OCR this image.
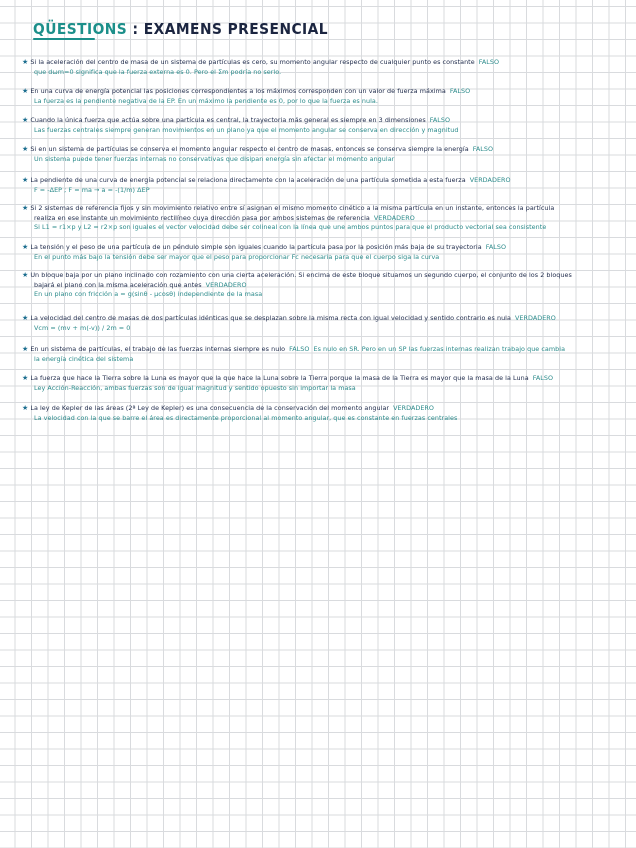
QÜESTIONS : EXAMENS PRESENCIAL
★ Si la aceleración del centro de masa de un sistema de partículas es cero, su momento angular respecto de cualquier punto es constante FALSO
que dωm=0 significa que la fuerza externa es 0. Pero el Σm podría no serlo.
★ En una curva de energía potencial las posiciones correspondientes a los máximos corresponden con un valor de fuerza máxima FALSO
La fuerza es la pendiente negativa de la EP. En un máximo la pendiente es 0, por lo que la fuerza es nula.
★ Cuando la única fuerza que actúa sobre una partícula es central, la trayectoria más general es siempre en 3 dimensiones FALSO
Las fuerzas centrales siempre generan movimientos en un plano ya que el momento angular se conserva en dirección y magnitud
★ Si en un sistema de partículas se conserva el momento angular respecto el centro de masas, entonces se conserva siempre la energía FALSO
Un sistema puede tener fuerzas internas no conservativas que disipan energía sin afectar el momento angular
★ La pendiente de una curva de energía potencial se relaciona directamente con la aceleración de una partícula sometida a esta fuerza VERDADERO
F = -ΔEP ; F = ma → a = -(1/m) ΔEP
★ Si 2 sistemas de referencia fijos y sin movimiento relativo entre sí asignan el mismo momento cinético a la misma partícula en un instante, entonces la partícula
realiza en ese instante un movimiento rectilíneo cuya dirección pasa por ambos sistemas de referencia VERDADERO
Si L1 = r1×p y L2 = r2×p son iguales el vector velocidad debe ser colineal con la línea que une ambos puntos para que el producto vectorial sea consistente
★ La tensión y el peso de una partícula de un péndulo simple son iguales cuando la partícula pasa por la posición más baja de su trayectoria FALSO
En el punto más bajo la tensión debe ser mayor que el peso para proporcionar Fc necesaria para que el cuerpo siga la curva
★ Un bloque baja por un plano inclinado con rozamiento con una cierta aceleración. Si encima de este bloque situamos un segundo cuerpo, el conjunto de los 2 bloques
bajará el plano con la misma aceleración que antes VERDADERO
En un plano con fricción a = g(sinθ - μcosθ) independiente de la masa
★ La velocidad del centro de masas de dos partículas idénticas que se desplazan sobre la misma recta con igual velocidad y sentido contrario es nula VERDADERO
Vcm = (mv + m(-v)) / 2m = 0
★ En un sistema de partículas, el trabajo de las fuerzas internas siempre es nulo FALSO Es nulo en SR. Pero en un SP las fuerzas internas realizan trabajo que cambia
la energía cinética del sistema
★ La fuerza que hace la Tierra sobre la Luna es mayor que la que hace la Luna sobre la Tierra porque la masa de la Tierra es mayor que la masa de la Luna FALSO
Ley Acción-Reacción, ambas fuerzas son de igual magnitud y sentido opuesto sin importar la masa
★ La ley de Kepler de las áreas (2ª Ley de Kepler) es una consecuencia de la conservación del momento angular VERDADERO
La velocidad con la que se barre el área es directamente proporcional al momento angular, que es constante en fuerzas centrales
